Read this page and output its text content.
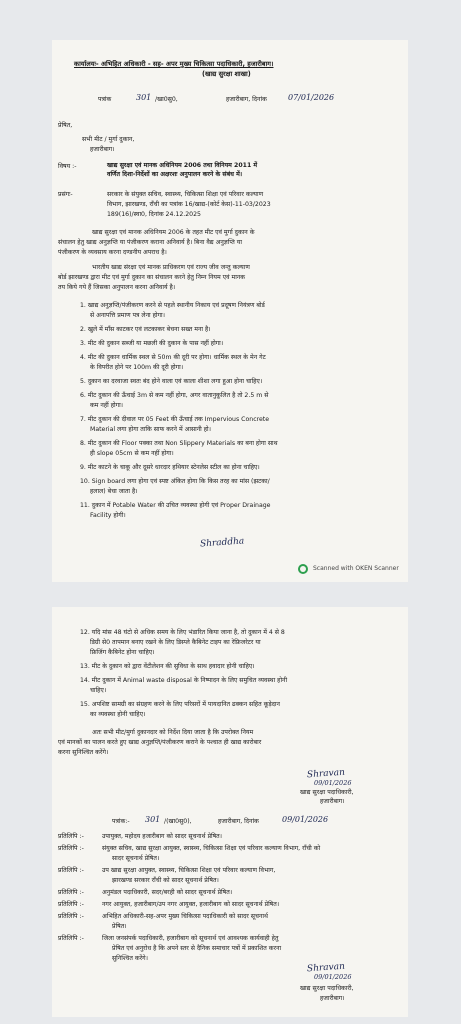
कार्यालयः- अभिहित अधिकारी - सह- अपर मुख्य चिकित्सा पदाधिकारी, हजारीबाग।
(खाद्य सुरक्षा शाखा)
पत्रांक	301 /खा0सु0,	हजारीबाग, दिनांक	07/01/2026
प्रेषित,
सभी मीट / मुर्गा दुकान,
हजारीबाग।
विषय :-	खाद्य सुरक्षा एवं मानक अधिनियम 2006 तथा विनियम 2011 में
वर्णित दिशा-निर्देशों का अक्षरशः अनुपालन करने के संबंध में।
प्रसंगः-	सरकार के संयुक्त सचिव, स्वास्थ्य, चिकित्सा शिक्षा एवं परिवार कल्याण
विभाग, झारखण्ड, राँची का पत्रांक 16/खाद्य-(कोर्ट केस)-11-03/2023
189(16)/स्वा0, दिनांक 24.12.2025
खाद्य सुरक्षा एवं मानक अधिनियम 2006 के तहत मीट एवं मुर्गा दुकान के
संचालन हेतु खाद्य अनुज्ञप्ति या पंजीकरण कराना अनिवार्य है। बिना वैद्य अनुज्ञप्ति या
पंजीकरण के व्यवसाय करना दण्डनीय अपराध है।
भारतीय खाद्य संरक्षा एवं मानक प्राधिकरण एवं राज्य जीव जन्तु कल्याण
बोर्ड झारखण्ड द्वारा मीट एवं मुर्गा दुकान का संचालन करने हेतु निम्न नियम एवं मानक
तय किये गये हैं जिसका अनुपालन करना अनिवार्य है।
1. खाद्य अनुज्ञप्ति/पंजीकरण करने से पहले स्थानीय निकाय एवं प्रदूषण नियंत्रण बोर्ड
से अनापत्ति प्रमाण पत्र लेना होगा।
2. खुले में माँस काटकर एवं लटकाकर बेचना सख्त मना है।
3. मीट की दुकान सब्जी या मछली की दुकान के पास नहीं होगा।
4. मीट की दुकान धार्मिक स्थल से 50m की दूरी पर होगा। धार्मिक स्थल के मेन गेट
के विपरीत होने पर 100m की दूरी होगा।
5. दुकान का दरवाजा स्वतः बंद होने वाला एवं काला शीशा लगा हुआ होना चाहिए।
6. मीट दुकान की ऊँचाई 3m से कम नहीं होगा, अगर वातानुकूलित है तो 2.5 m से
कम नहीं होगा।
7. मीट दुकान की दीवाल पर 05 Feet की ऊँचाई तक Impervious Concrete
Material लगा होगा ताकि साफ करने में आसानी हो।
8. मीट दुकान की Floor पक्का तथा Non Slippery Materials का बना होगा साथ
ही slope 05cm से कम नहीं होगा।
9. मीट काटने के चाकू और दूसरे धारदार हथियार स्टेनलेस स्टील का होना चाहिए।
10. Sign board लगा होगा एवं स्पष्ट अंकित होगा कि किस तरह का मांस (झटका/
हलाल) बेचा जाता है।
11. दुकान में Potable Water की उचित व्यवस्था होगी एवं Proper Drainage
Facility होगी।
Shraddha
Scanned with OKEN Scanner
12. यदि मांस 48 घंटो से अधिक समय के लिए भंडारित किया जाना है, तो दुकान में 4 से 8
डिग्री से0 तापमान बनाए रखने के लिए डिस्प्ले कैबिनेट टाइप का रेफ्रिजरेटर या
फ्रिजिंग कैबिनेट होना चाहिए।
13. मीट के दुकान को द्वारा वेंटीलेशन की सुविधा के साथ हवादार होनी चाहिए।
14. मीट दुकान में Animal waste disposal के निष्पादन के लिए समुचित व्यवस्था होनी
चाहिए।
15. अपशिष्ट सामग्री का संग्रहण करने के लिए परिसरों में पायदानित ढक्कन सहित कूड़ेदान
का व्यवस्था होनी चाहिए।
अतः सभी मीट/मुर्गा दुकानदार को निर्देश दिया जाता है कि उपरोक्त नियम
एवं मानकों का पालन करते हुए खाद्य अनुज्ञप्ति/पंजीकरण कराने के पश्चात ही खाद्य कारोबार
करना सुनिश्चित करेंगे।
Shravan
09/01/2026
खाद्य सुरक्षा पदाधिकारी,
हजारीबाग।
पत्रांक:- 301 /(खा0सु0),	हजारीबाग, दिनांक	09/01/2026
प्रतिलिपि :-	उपायुक्त, महोदय हजारीबाग को सादर सूचनार्थ प्रेषित।
प्रतिलिपि :-	संयुक्त सचिव, खाद्य सुरक्षा आयुक्त, स्वास्थ्य, चिकित्सा शिक्षा एवं परिवार कल्याण विभाग, राँची को
सादर सूचनार्थ प्रेषित।
प्रतिलिपि :-	उप खाद्य सुरक्षा आयुक्त, स्वास्थ्य, चिकित्सा शिक्षा एवं परिवार कल्याण विभाग,
झारखण्ड सरकार राँची को सादर सूचनार्थ प्रेषित।
प्रतिलिपि :-	अनुमंडल पदाधिकारी, सदर/बरही को सादर सूचनार्थ प्रेषित।
प्रतिलिपि :-	नगर आयुक्त, हजारीबाग/उप नगर आयुक्त, हजारीबाग को सादर सूचनार्थ प्रेषित।
प्रतिलिपि :-	अभिहित अधिकारी-सह-अपर मुख्य चिकित्सा पदाधिकारी को सादर सूचनार्थ
प्रेषित।
प्रतिलिपि :-	जिला जनसंपर्क पदाधिकारी, हजारीबाग को सूचनार्थ एवं आवश्यक कार्यवाही हेतु
प्रेषित एवं अनुरोध है कि अपने स्तर से दैनिक समाचार पत्रों में प्रकाशित करना
सुनिश्चित करेंगे।
Shravan
09/01/2026
खाद्य सुरक्षा पदाधिकारी,
हजारीबाग।
